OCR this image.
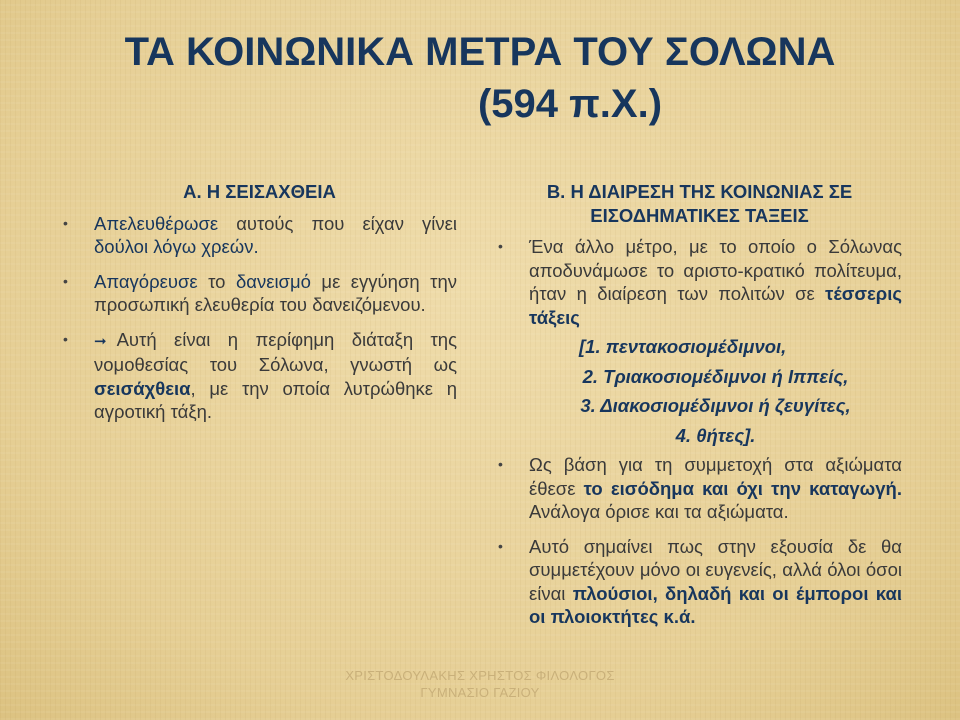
ΤΑ ΚΟΙΝΩΝΙΚΑ ΜΕΤΡΑ ΤΟΥ ΣΟΛΩΝΑ
(594 π.Χ.)
Α. Η ΣΕΙΣΑΧΘΕΙΑ
• Απελευθέρωσε αυτούς που είχαν γίνει δούλοι λόγω χρεών.
• Απαγόρευσε το δανεισμό με εγγύηση την προσωπική ελευθερία του δανειζόμενου.
• ➞ Αυτή είναι η περίφημη διάταξη της νομοθεσίας του Σόλωνα, γνωστή ως σεισάχθεια, με την οποία λυτρώθηκε η αγροτική τάξη.
Β. Η ΔΙΑΙΡΕΣΗ ΤΗΣ ΚΟΙΝΩΝΙΑΣ ΣΕ
ΕΙΣΟΔΗΜΑΤΙΚΕΣ ΤΑΞΕΙΣ
• Ένα άλλο μέτρο, με το οποίο ο Σόλωνας αποδυνάμωσε το αριστο-κρατικό πολίτευμα, ήταν η διαίρεση των πολιτών σε τέσσερις τάξεις
[1. πεντακοσιομέδιμνοι,
2. Τριακοσιομέδιμνοι ή Ιππείς,
3. Διακοσιομέδιμνοι ή ζευγίτες,
4. θήτες].
• Ως βάση για τη συμμετοχή στα αξιώματα έθεσε το εισόδημα και όχι την καταγωγή. Ανάλογα όρισε και τα αξιώματα.
• Αυτό σημαίνει πως στην εξουσία δε θα συμμετέχουν μόνο οι ευγενείς, αλλά όλοι όσοι είναι πλούσιοι, δηλαδή και οι έμποροι και οι πλοιοκτήτες κ.ά.
ΧΡΙΣΤΟΔΟΥΛΑΚΗΣ ΧΡΗΣΤΟΣ ΦΙΛΟΛΟΓΟΣ
ΓΥΜΝΑΣΙΟ ΓΑΖΙΟΥ
